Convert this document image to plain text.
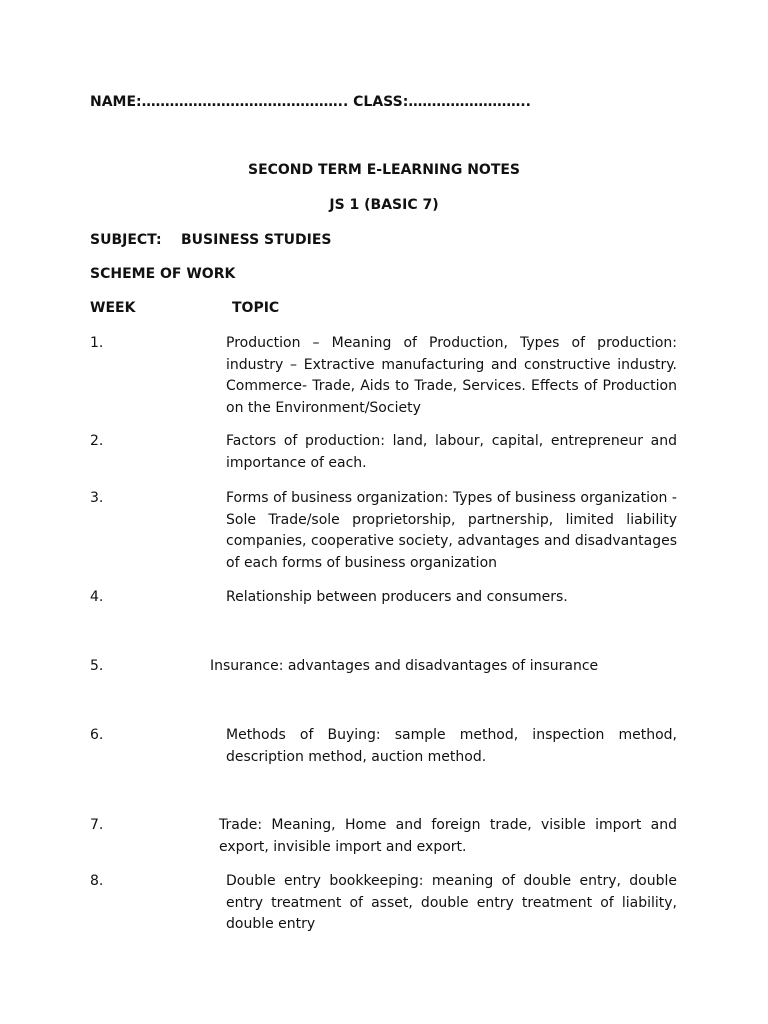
NAME:…………………………………….. CLASS:……………………..
SECOND TERM E-LEARNING NOTES
JS 1 (BASIC 7)
SUBJECT: BUSINESS STUDIES
SCHEME OF WORK
WEEK	TOPIC
1.	Production – Meaning of Production, Types of production: industry – Extractive manufacturing and constructive industry. Commerce- Trade, Aids to Trade, Services. Effects of Production on the Environment/Society
2.	Factors of production: land, labour, capital, entrepreneur and importance of each.
3.	Forms of business organization: Types of business organization - Sole Trade/sole proprietorship, partnership, limited liability companies, cooperative society, advantages and disadvantages of each forms of business organization
4.	Relationship between producers and consumers.
5.	Insurance: advantages and disadvantages of insurance
6.	Methods of Buying: sample method, inspection method, description method, auction method.
7.	Trade: Meaning, Home and foreign trade, visible import and export, invisible import and export.
8.	Double entry bookkeeping: meaning of double entry, double entry treatment of asset, double entry treatment of liability, double entry
